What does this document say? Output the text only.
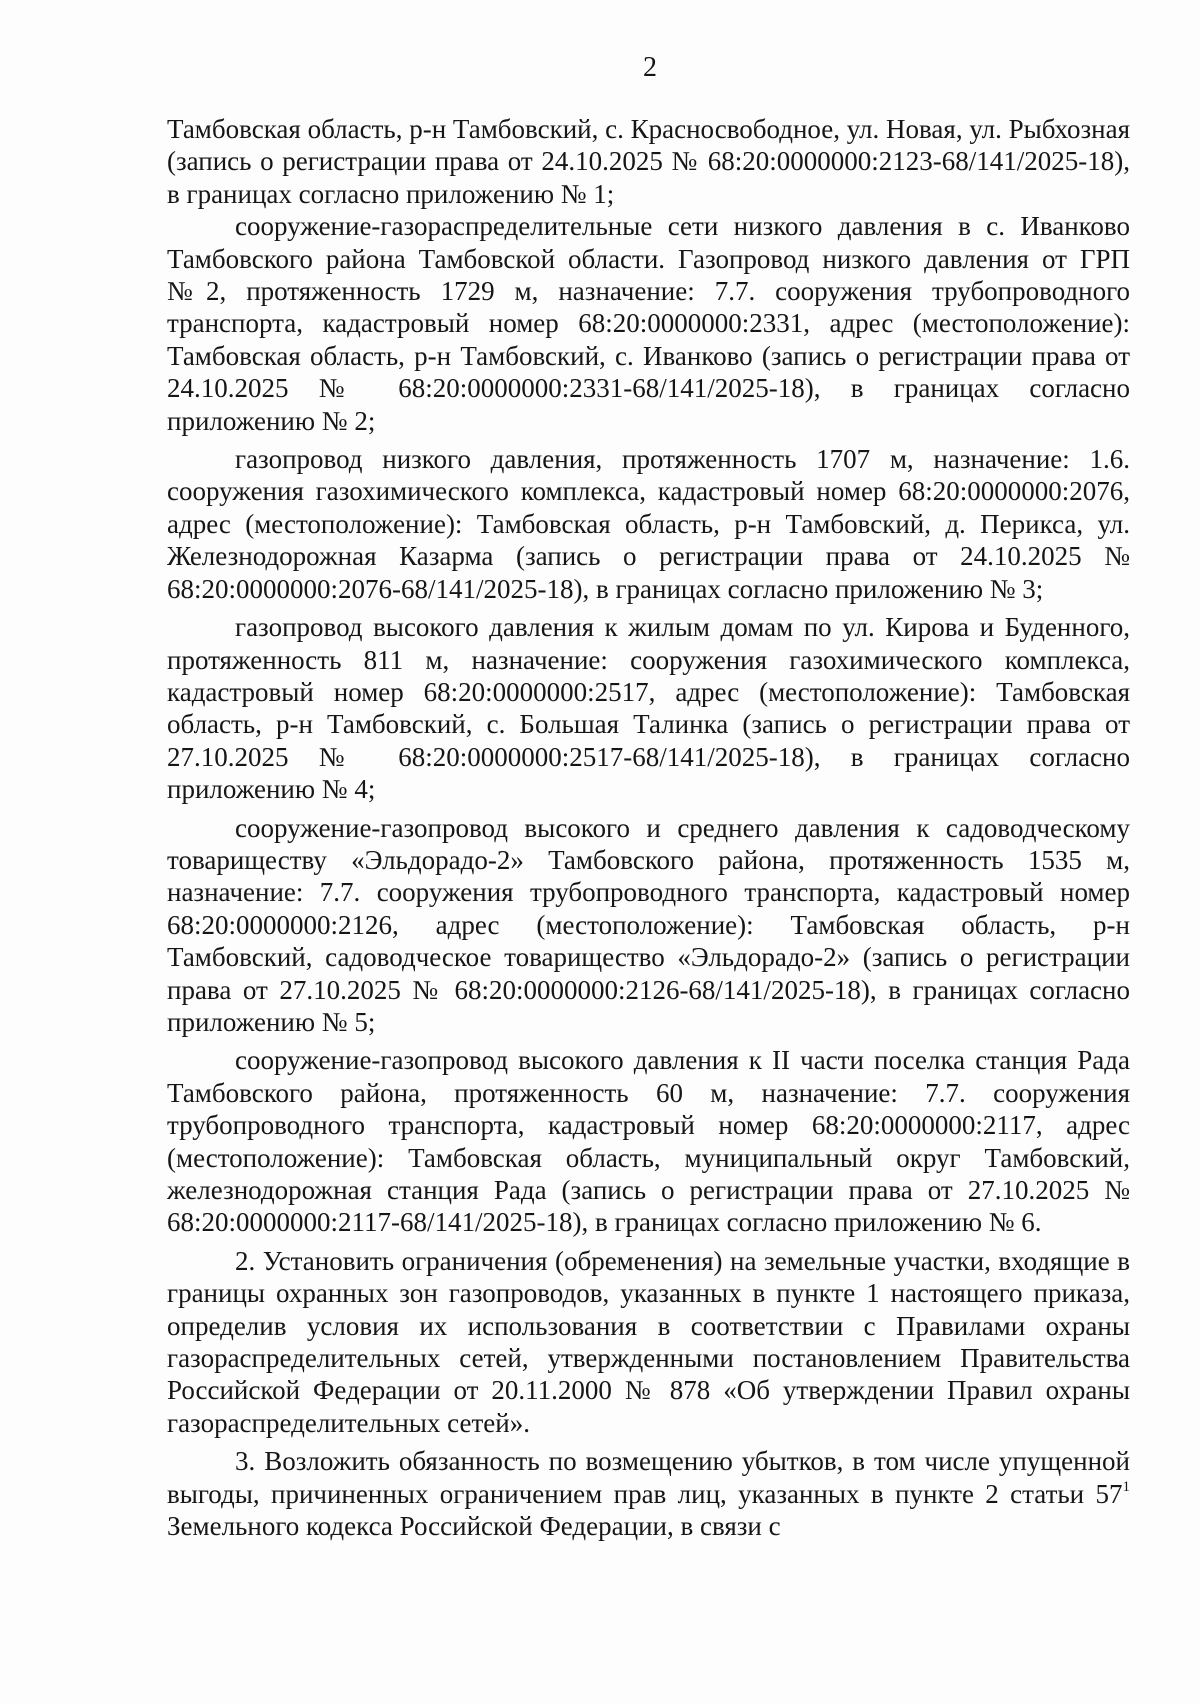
2

Тамбовская область, р-н Тамбовский, с. Красносвободное, ул. Новая, ул. Рыбхозная (запись о регистрации права от 24.10.2025 № 68:20:0000000:2123-68/141/2025-18), в границах согласно приложению № 1;

сооружение-газораспределительные сети низкого давления в с. Иванково Тамбовского района Тамбовской области. Газопровод низкого давления от ГРП №2, протяженность 1729 м, назначение: 7.7. сооружения трубопроводного транспорта, кадастровый номер 68:20:0000000:2331, адрес (местоположение): Тамбовская область, р-н Тамбовский, с. Иванково (запись о регистрации права от 24.10.2025 № 68:20:0000000:2331-68/141/2025-18), в границах согласно приложению № 2;

газопровод низкого давления, протяженность 1707 м, назначение: 1.6. сооружения газохимического комплекса, кадастровый номер 68:20:0000000:2076, адрес (местоположение): Тамбовская область, р-н Тамбовский, д. Перикса, ул. Железнодорожная Казарма (запись о регистрации права от 24.10.2025 № 68:20:0000000:2076-68/141/2025-18), в границах согласно приложению № 3;

газопровод высокого давления к жилым домам по ул. Кирова и Буденного, протяженность 811 м, назначение: сооружения газохимического комплекса, кадастровый номер 68:20:0000000:2517, адрес (местоположение): Тамбовская область, р-н Тамбовский, с. Большая Талинка (запись о регистрации права от 27.10.2025 № 68:20:0000000:2517-68/141/2025-18), в границах согласно приложению № 4;

сооружение-газопровод высокого и среднего давления к садоводческому товариществу «Эльдорадо-2» Тамбовского района, протяженность 1535 м, назначение: 7.7. сооружения трубопроводного транспорта, кадастровый номер 68:20:0000000:2126, адрес (местоположение): Тамбовская область, р-н Тамбовский, садоводческое товарищество «Эльдорадо-2» (запись о регистрации права от 27.10.2025 № 68:20:0000000:2126-68/141/2025-18), в границах согласно приложению № 5;

сооружение-газопровод высокого давления к II части поселка станция Рада Тамбовского района, протяженность 60 м, назначение: 7.7. сооружения трубопроводного транспорта, кадастровый номер 68:20:0000000:2117, адрес (местоположение): Тамбовская область, муниципальный округ Тамбовский, железнодорожная станция Рада (запись о регистрации права от 27.10.2025 № 68:20:0000000:2117-68/141/2025-18), в границах согласно приложению № 6.

2. Установить ограничения (обременения) на земельные участки, входящие в границы охранных зон газопроводов, указанных в пункте 1 настоящего приказа, определив условия их использования в соответствии с Правилами охраны газораспределительных сетей, утвержденными постановлением Правительства Российской Федерации от 20.11.2000 № 878 «Об утверждении Правил охраны газораспределительных сетей».

3. Возложить обязанность по возмещению убытков, в том числе упущенной выгоды, причиненных ограничением прав лиц, указанных в пункте 2 статьи $57^1$ Земельного кодекса Российской Федерации, в связи с
